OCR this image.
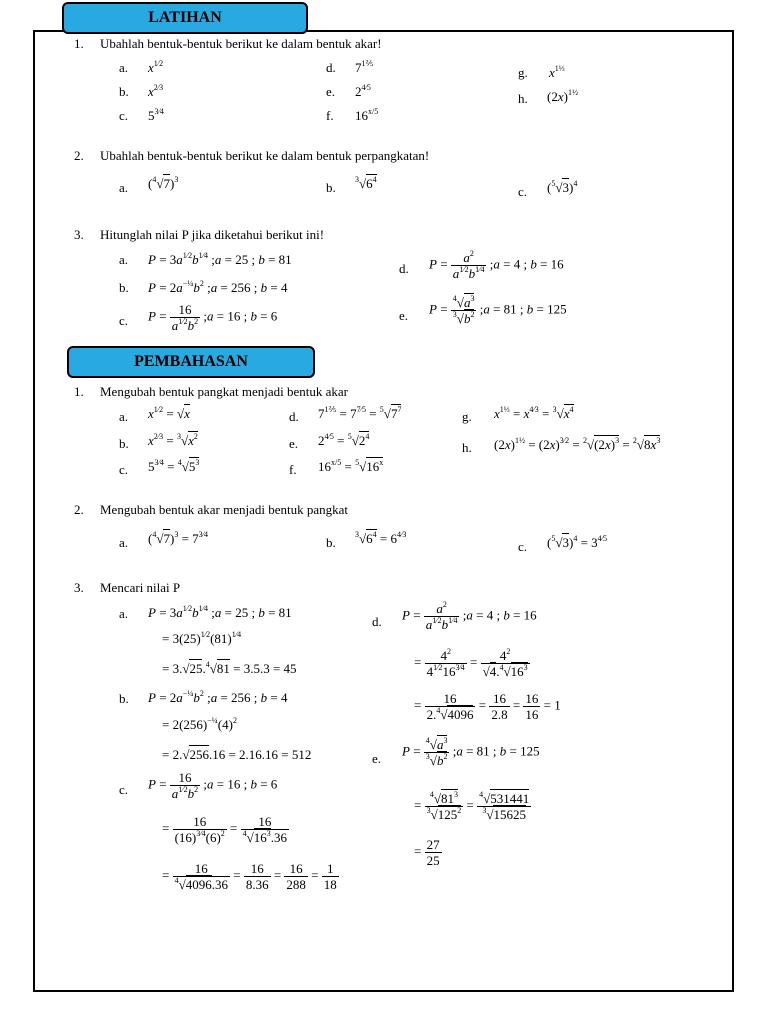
LATIHAN
PEMBAHASAN
1. Ubahlah bentuk-bentuk berikut ke dalam bentuk akar!
a. $x^{1⁄2}$
b. $x^{2⁄3}$
c. $5^{3⁄4}$
d. $7^{1\frac{2}{5}}$
e. $2^{4⁄5}$
f. $16^{x/5}$
g. $x^{1\frac{1}{3}}$
h. $(2x)^{1\frac{1}{2}}$
2. Ubahlah bentuk-bentuk berikut ke dalam bentuk perpangkatan!
a. $(^4√7)^3$
b.
$^3√6^4$
c. $(^5√3)^4$
3. Hitunglah nilai P jika diketahui berikut ini!
a. $P = 3a^{1⁄2}b^{1⁄4}$ ;a = 25 ; b = 81
b. $P = 2a^{-\frac{1}{4}}b^2$ ;a = 256 ; b = 4
c. $P = \frac{16}{a^{1⁄2}b^2}$ ;a = 16 ; b = 6
d. $P = \frac{a^2}{a^{1⁄2}b^{1⁄4}}$ ;a = 4 ; b = 16
e. $P = \frac{^4√a^3}{^3√b^2}$ ;a = 81 ; b = 125
1. Mengubah bentuk pangkat menjadi bentuk akar
a. $x^{1⁄2} = √x$
b. $x^{2⁄3} = ^3√x^2$
c. $5^{3⁄4} = ^4√5^3$
d. $7^{1\frac{2}{5}} = 7^{7⁄5} = ^5√7^7$
e. $2^{4⁄5} = ^5√2^4$
f. $16^{x/5} = ^5√16^x$
g. $x^{1\frac{1}{3}} = x^{4⁄3} = ^3√x^4$
h. $(2x)^{1\frac{1}{2}} = (2x)^{3⁄2} = ^2√(2x)^3 = ^2√8x^3$
2. Mengubah bentuk akar menjadi bentuk pangkat
a. $(^4√7)^3 = 7^{3⁄4}$
b.
$^3√6^4 = 6^{4⁄3}$
c. $(^5√3)^4 = 3^{4⁄5}$
3. Mencari nilai P
a. $P = 3a^{1⁄2}b^{1⁄4}$ ;a = 25 ; b = 81
= $3(25)^{1⁄2}(81)^{1⁄4}$
= 3.√25.$^4$√81 = 3.5.3 = 45
b. $P = 2a^{-\frac{1}{4}}b^2$ ;a = 256 ; b = 4
= $2(256)^{-\frac{1}{4}}(4)^2$
= 2.√256.16 = 2.16.16 = 512
c. $P = \frac{16}{a^{1⁄2}b^2}$ ;a = 16 ; b = 6
= $\frac{16}{(16)^{3⁄4}(6)^2} = \frac{16}{^4√16^3.36}$
= $\frac{16}{^4√4096.36} = \frac{16}{8.36} = \frac{16}{288} = \frac{1}{18}$
d. $P = \frac{a^2}{a^{1⁄2}b^{1⁄4}}$ ;a = 4 ; b = 16
= $\frac{4^2}{4^{1⁄2}16^{3⁄4}} = \frac{4^2}{√4.^4√16^3}$
= $\frac{16}{2.^4√4096} = \frac{16}{2.8} = \frac{16}{16} = 1$
e.
$P = \frac{^4√a^3}{^3√b^2}$ ;a = 81 ; b = 125
= $\frac{^4√81^3}{^3√125^2} = \frac{^4√531441}{^3√15625}$
= $\frac{27}{25}$
